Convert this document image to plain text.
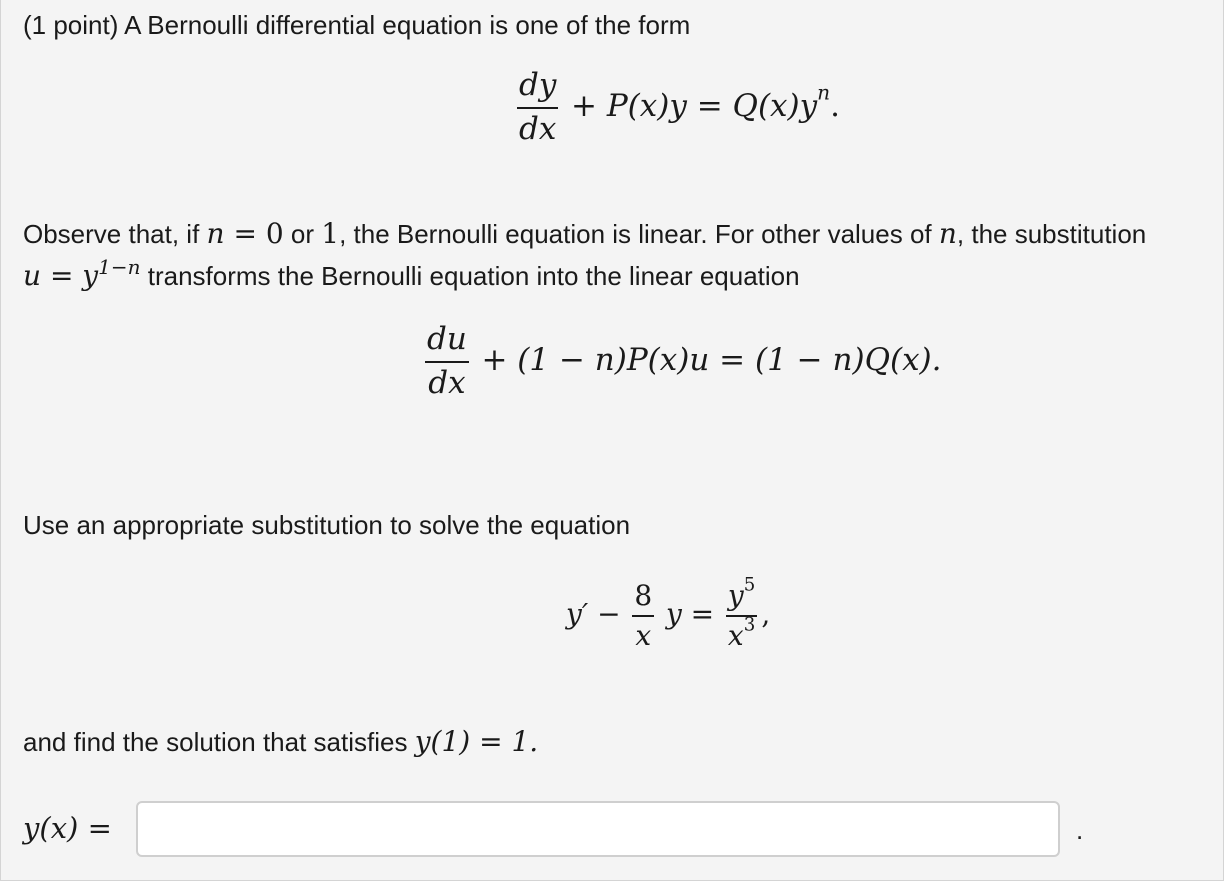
(1 point) A Bernoulli differential equation is one of the form
$\frac{dy}{dx} + P(x)y = Q(x)y^n$.
Observe that, if n = 0 or 1, the Bernoulli equation is linear. For other values of n, the substitution
$u = y^{1-n}$ transforms the Bernoulli equation into the linear equation
$\frac{du}{dx} + (1 - n)P(x)u = (1 - n)Q(x)$.
Use an appropriate substitution to solve the equation
$y' - \frac{8}{x}$ $y = \frac{y^5}{x^3}$ ,
and find the solution that satisfies y(1) = 1.
y(x) =	.
